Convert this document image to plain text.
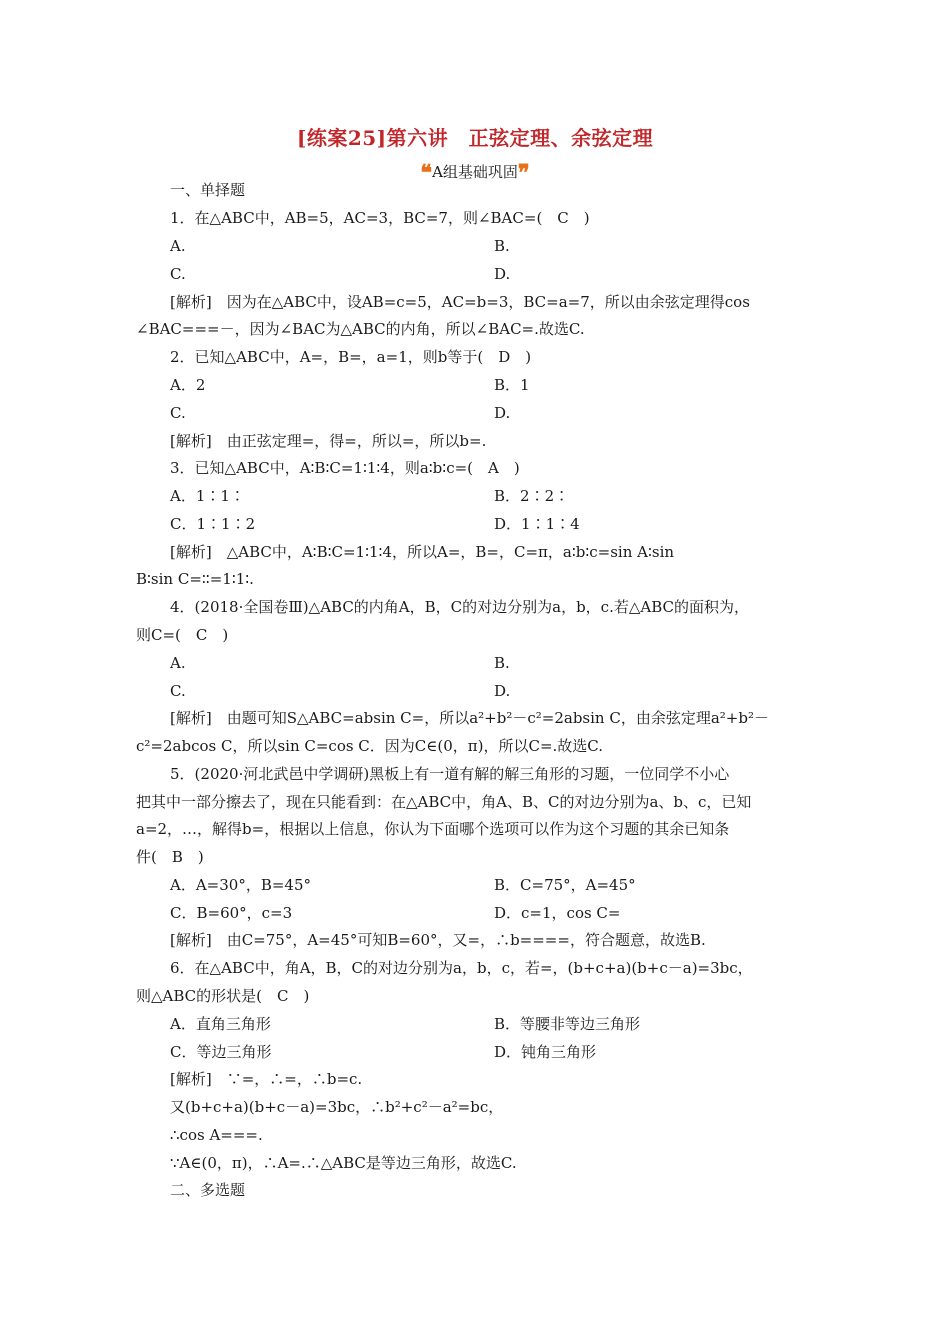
[练案25]第六讲　正弦定理、余弦定理
❝A组基础巩固❞
一、单择题
1．在△ABC中，AB=5，AC=3，BC=7，则∠BAC=(　C　)
A.	B.
C.	D.
[解析]　因为在△ABC中，设AB=c=5，AC=b=3，BC=a=7，所以由余弦定理得cos
∠BAC===－，因为∠BAC为△ABC的内角，所以∠BAC=.故选C.
2．已知△ABC中，A=，B=，a=1，则b等于(　D　)
A．2	B．1
C.	D.
[解析]　由正弦定理=，得=，所以=，所以b=.
3．已知△ABC中，A∶B∶C=1∶1∶4，则a∶b∶c=(　A　)
A．1∶1∶	B．2∶2∶
C．1∶1∶2	D．1∶1∶4
[解析]　△ABC中，A∶B∶C=1∶1∶4，所以A=，B=，C=π，a∶b∶c=sin A∶sin
B∶sin C=∶∶=1∶1∶.
4．(2018·全国卷Ⅲ)△ABC的内角A，B，C的对边分别为a，b，c.若△ABC的面积为，
则C=(　C　)
A.	B.
C.	D.
[解析]　由题可知S△ABC=absin C=，所以a²+b²－c²=2absin C，由余弦定理a²+b²－
c²=2abcos C，所以sin C=cos C．因为C∈(0，π)，所以C=.故选C.
5．(2020·河北武邑中学调研)黑板上有一道有解的解三角形的习题，一位同学不小心
把其中一部分擦去了，现在只能看到：在△ABC中，角A、B、C的对边分别为a、b、c，已知
a=2，…，解得b=，根据以上信息，你认为下面哪个选项可以作为这个习题的其余已知条
件(　B　)
A．A=30°，B=45°	B．C=75°，A=45°
C．B=60°，c=3	D．c=1，cos C=
[解析]　由C=75°，A=45°可知B=60°，又=，∴b====，符合题意，故选B.
6．在△ABC中，角A，B，C的对边分别为a，b，c，若=，(b+c+a)(b+c－a)=3bc，
则△ABC的形状是(　C　)
A．直角三角形	B．等腰非等边三角形
C．等边三角形	D．钝角三角形
[解析]　∵=，∴=，∴b=c.
又(b+c+a)(b+c－a)=3bc，∴b²+c²－a²=bc，
∴cos A===.
∵A∈(0，π)，∴A=.∴△ABC是等边三角形，故选C.
二、多选题
